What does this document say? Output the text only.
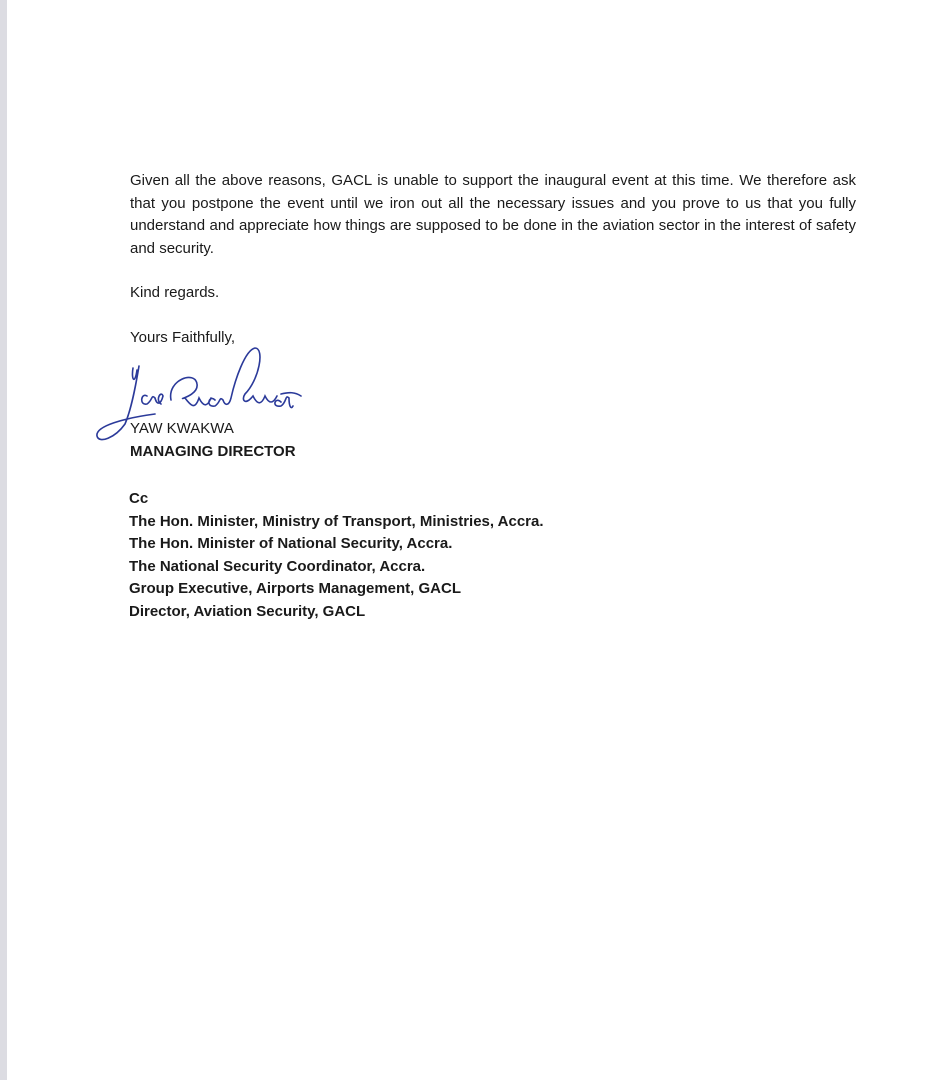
Given all the above reasons, GACL is unable to support the inaugural event at this time. We therefore ask that you postpone the event until we iron out all the necessary issues and you prove to us that you fully understand and appreciate how things are supposed to be done in the aviation sector in the interest of safety and security.

Kind regards.
Yours Faithfully,
YAW KWAKWA
MANAGING DIRECTOR
Cc
The Hon. Minister, Ministry of Transport, Ministries, Accra.
The Hon. Minister of National Security, Accra.
The National Security Coordinator, Accra.
Group Executive, Airports Management, GACL
Director, Aviation Security, GACL
